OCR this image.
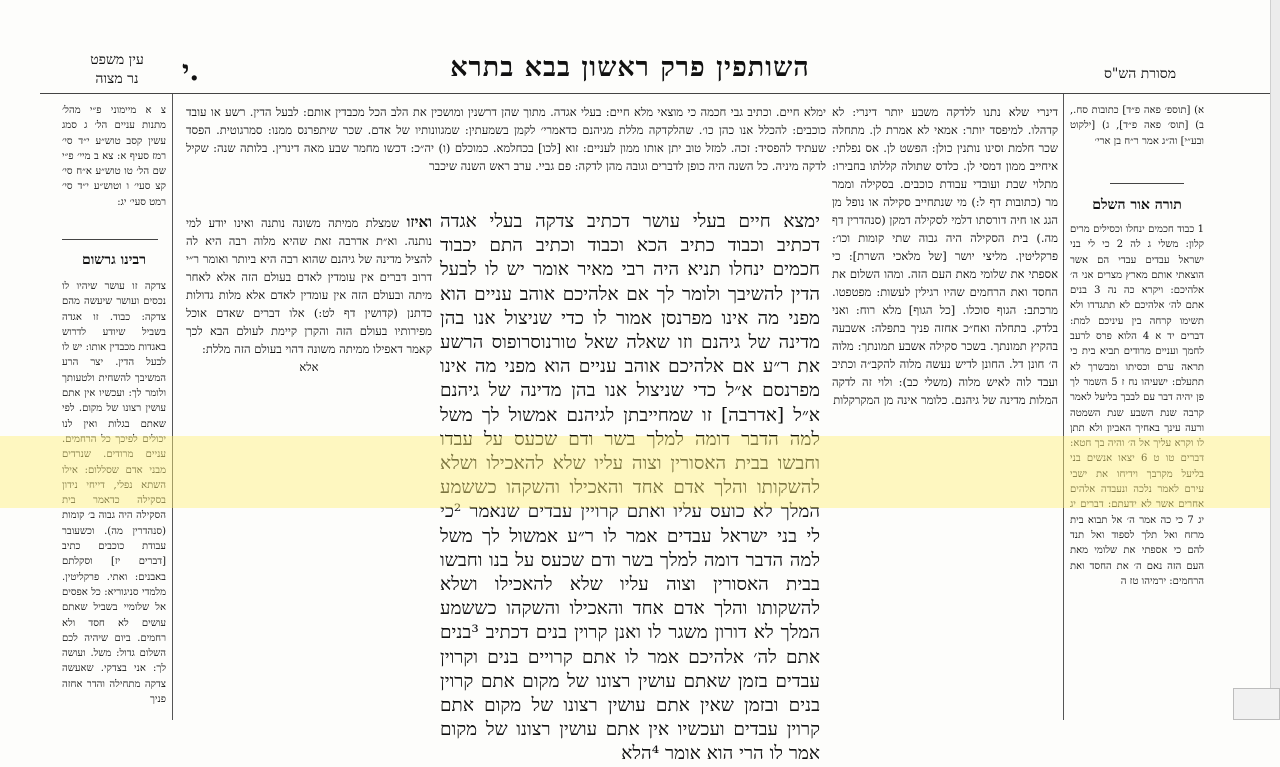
עין משפט
נר מצוה	י.	השותפין פרק ראשון בבא בתרא	מסורת הש"ס
צ א מיימוני פ״י מהל׳ מתנות עניים הל׳ ג סמג עשין קסב טוש״ע י״ד סי׳ רמז סעיף א: צא ב מיי׳ פ״י שם הל׳ טו טוש״ע א״ח סי׳ קצ סעי׳ ו וטוש״ע י״ד סי׳ רמט סעי׳ יג:
רבינו גרשום
צדקה זו עושר שיהיו לו נכסים ועושר שיעשה מהם צדקה: כבוד. זו אגדה בשביל שיודע לדרוש באגדות מכבדין אותו: יש לו לבעל הדין. יצר הרע המשיבך להשחית ולטעותך ולומר לך: ועכשיו אין אתם עושין רצונו של מקום. לפי שאתם בגלות ואין לנו יכולים לפיכך כל הרחמים. עניים מרודים. שנרדים מבני אדם שסללום: אילו השתא נפלי, דייחי נידון בסקילה כדאמר בית הסקילה היה גבוה ב׳ קומות (סנהדרין מה). וכשעובר עבודת כוכבים כתיב [דברים יז] וסקלתם באבנים: ואתי. פרקליטין. מלמדי סניגוריא: כל אפסים אל שלומיי בשביל שאתם עושים לא חסד ולא רחמים. ביום שיהיה לכם השלום גדול: משל. ועושה לך: אני בצדקי. שאעשה צדקה מתחילה והדר אחזה פניך
ימלא חיים. וכתיב גבי חכמה כי מוצאי מלא חיים: בעלי אגדה. מתוך שהן דרשנין ומושכין את הלב הכל מכבדין אותם: לבעל הדין. רשע או עובד כוכבים: להכלל אנו כהן כו׳. שהלקדקה מללת מגיהנם כדאמרי׳ לקמן בשמעתין: שמגוונותיו של אדם. שכר שיתפרנס ממנו: סמרגוטית. הפסד שעתיד להפסיד: זכה. למזל טוב יתן אותו ממון לעניים: זוא [לכו] בכחלמא. כמוכלם (ו) יה״כ: דכשו מחמר שבע מאה דינרין. בלותה שנה: שקיל לדקה מיניה. כל השנה היה כופן לדברים וגובה מהן לדקה: פם גביי. ערב ראש השנה שיכבר
ואיזו שמצלת ממיתה משונה נותנה ואינו יודע למי נותנה. וא״ת אדרבה זאת שהיא מלוה רבה היא לה להציל מדינה של גיהנם שהוא רבה היא ביותר ואומר ר״י דרוב דברים אין עומדין לאדם בעולם הזה אלא לאחר מיתה ובעולם הזה אין עומדין לאדם אלא מלות גדולות כדתנן (קדושין דף לט:) אלו דברים שאדם אוכל מפירותיו בעולם הזה והקרן קיימת לעולם הבא לכך קאמר דאפילו ממיתה משונה דהוי בעולם הזה מללת:
אלא
ימצא חיים בעלי עושר דכתיב צדקה בעלי אגדה דכתיב וכבוד כתיב הכא וכבוד וכתיב התם יכבוד חכמים ינחלו תניא היה רבי מאיר אומר יש לו לבעל הדין להשיבך ולומר לך אם אלהיכם אוהב עניים הוא מפני מה אינו מפרנסן אמור לו כדי שניצול אנו בהן מדינה של גיהנם וזו שאלה שאל טורנוסרופוס הרשע את ר״ע אם אלהיכם אוהב עניים הוא מפני מה אינו מפרנסם א״ל כדי שניצול אנו בהן מדינה של גיהנם א״ל [אדרבה] זו שמחייבתן לגיהנם אמשול לך משל למה הדבר דומה למלך בשר ודם שכעס על עבדו וחבשו בבית האסורין וצוה עליו שלא להאכילו ושלא להשקותו והלך אדם אחד והאכילו והשקהו כששמע המלך לא כועס עליו ואתם קרויין עבדים שנאמר ²כי לי בני ישראל עבדים אמר לו ר״ע אמשול לך משל למה הדבר דומה למלך בשר ודם שכעס על בנו וחבשו בבית האסורין וצוה עליו שלא להאכילו ושלא להשקותו והלך אדם אחד והאכילו והשקהו כששמע המלך לא דורון משגר לו ואנן קרוין בנים דכתיב ³בנים אתם לה׳ אלהיכם אמר לו אתם קרויים בנים וקרוין עבדים בזמן שאתם עושין רצונו של מקום אתם קרוין בנים ובזמן שאין אתם עושין רצונו של מקום אתם קרוין עבדים ועכשיו אין אתם עושין רצונו של מקום אמר לו הרי הוא אומר ⁴הלא
דינרי שלא נתנו ללדקה משבע יותר דינרי: לא קדהלו. למיפסד יותר: אמאי לא אמרת לן. מתחלה שכר חלמת וסינו נותנין כולן: הפשט לן. אס נפלתי: איחייב ממון דמסי לן. כלדס שתולה קללתו בחבירו: מתלוי שבת ועובדי עבודת כוכבים. בסקילה וממר מר (כתובות דף ל:) מי שנתחייב סקילה או נופל מן הגג או חיה דורסתו דלמי לסקילה דמקן (סנהדרין דף מה.) בית הסקילה היה גבוה שתי קומות וכו׳: פרקליטין. מליצי יושר [של מלאכי השרת]: כי אספתי את שלומי מאת העם הזה. ומהו השלום את החסד ואת הרחמים שהיו רגילין לעשות: מפטפטו. מרכתב: הגוף סוכלו. [כל הגוף] מלא רוח: ואני בלדק. בתחלה ואח״כ אחזה פניך בתפלה: אשבעה בהקיץ תמונתך. בשכר סקילה אשבע תמונתך: מלוה ה׳ חונן דל. החונן לדיש נעשה מלוה להקב״ה וכתיב ועבד לוה לאיש מלוה (משלי כב): ולוי זה לדקה המלות מדינה של גיהנם. כלומר אינה מן המקרקלות
א) [תוספ׳ פאה פ״ד] כתובות סח., ב) [תוס׳ פאה פ״ד], ג) [ילקוט ובע״י] וה״ג אמר ר״ח בן ארי׳
תורה אור השלם
1 כבוד חכמים ינחלו וכסילים מרים קלון: משלי ג לה 2 כי לי בני ישראל עבדים עבדי הם אשר הוצאתי אותם מארץ מצרים אני ה׳ אלהיכם: ויקרא כה נה 3 בנים אתם לה׳ אלהיכם לא תתגדדו ולא תשימו קרחה בין עיניכם למת: דברים יד א 4 הלוא פרס לרעב לחמך ועניים מרודים תביא בית כי תראה ערם וכסיתו ומבשרך לא תתעלם: ישעיהו נח ז 5 השמר לך פן יהיה דבר עם לבבך בליעל לאמר קרבה שנת השבע שנת השמטה ורעה עינך באחיך האביון ולא תתן לו וקרא עליך אל ה׳ והיה בך חטא: דברים טו ט 6 יצאו אנשים בני בליעל מקרבך וידיחו את ישבי עירם לאמר נלכה ונעבדה אלהים אחרים אשר לא ידעתם: דברים יג יג 7 כי כה אמר ה׳ אל תבוא בית מרזח ואל תלך לספוד ואל תנד להם כי אספתי את שלומי מאת העם הזה נאם ה׳ את החסד ואת הרחמים: ירמיהו טז ה
